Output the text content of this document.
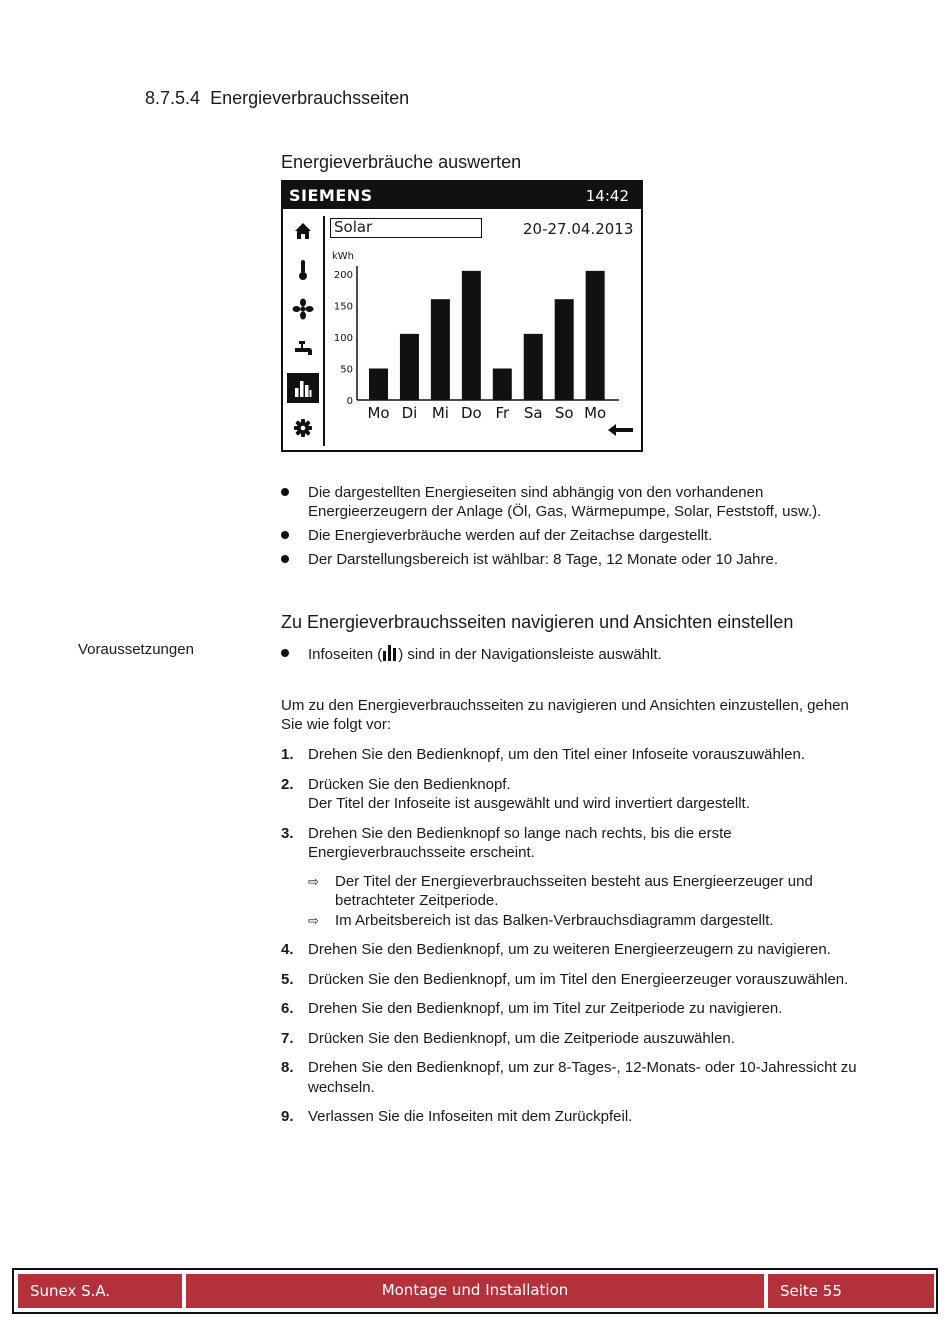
8.7.5.4 Energieverbrauchsseiten
Energieverbräuche auswerten
SIEMENS	14:42
Solar	20-27.04.2013
kWh
0
50
100
150
200
Mo Di Mi Do Fr Sa So Mo
Die dargestellten Energieseiten sind abhängig von den vorhandenen Energieerzeugern der Anlage (Öl, Gas, Wärmepumpe, Solar, Feststoff, usw.).
Die Energieverbräuche werden auf der Zeitachse dargestellt.
Der Darstellungsbereich ist wählbar: 8 Tage, 12 Monate oder 10 Jahre.
Zu Energieverbrauchsseiten navigieren und Ansichten einstellen
Voraussetzungen	Infoseiten ( ) sind in der Navigationsleiste auswählt.
Um zu den Energieverbrauchsseiten zu navigieren und Ansichten einzustellen, gehen Sie wie folgt vor:
1. Drehen Sie den Bedienknopf, um den Titel einer Infoseite vorauszuwählen.
2. Drücken Sie den Bedienknopf.
Der Titel der Infoseite ist ausgewählt und wird invertiert dargestellt.
3. Drehen Sie den Bedienknopf so lange nach rechts, bis die erste Energieverbrauchsseite erscheint.
⇨ Der Titel der Energieverbrauchsseiten besteht aus Energieerzeuger und betrachteter Zeitperiode.
⇨ Im Arbeitsbereich ist das Balken-Verbrauchsdiagramm dargestellt.
4. Drehen Sie den Bedienknopf, um zu weiteren Energieerzeugern zu navigieren.
5. Drücken Sie den Bedienknopf, um im Titel den Energieerzeuger vorauszuwählen.
6. Drehen Sie den Bedienknopf, um im Titel zur Zeitperiode zu navigieren.
7. Drücken Sie den Bedienknopf, um die Zeitperiode auszuwählen.
8. Drehen Sie den Bedienknopf, um zur 8-Tages-, 12-Monats- oder 10-Jahressicht zu wechseln.
9. Verlassen Sie die Infoseiten mit dem Zurückpfeil.
Sunex S.A.	Montage und Installation	Seite 55
